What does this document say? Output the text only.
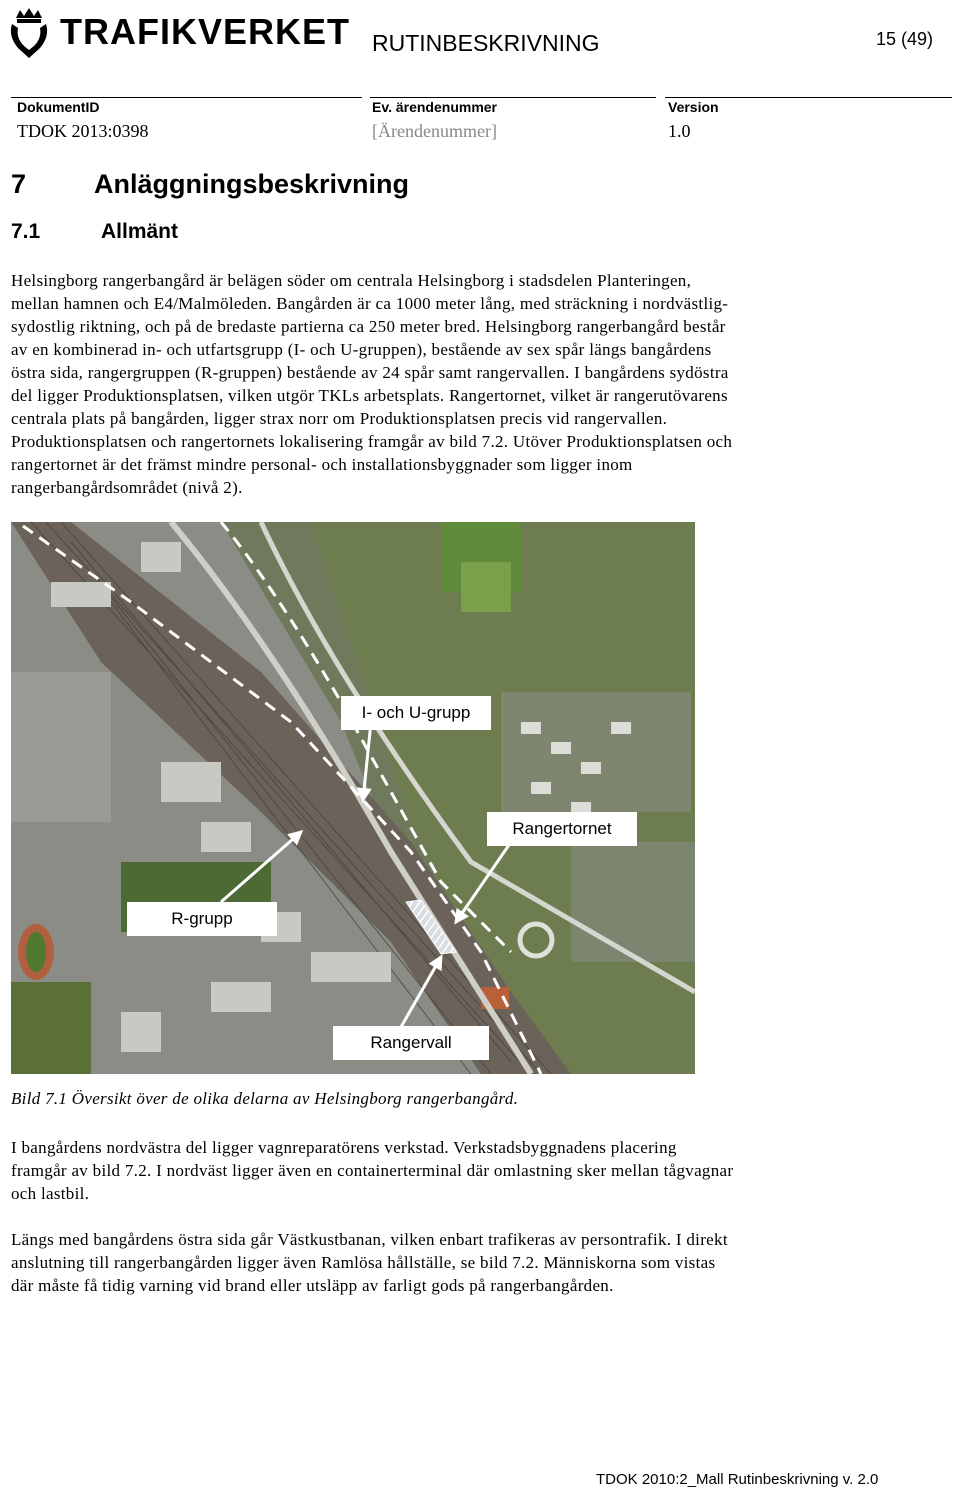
TRAFIKVERKET RUTINBESKRIVNING	15 (49)
DokumentID
TDOK 2013:0398
Ev. ärendenummer
[Ärendenummer]
Version
1.0
7	Anläggningsbeskrivning
7.1	Allmänt
Helsingborg rangerbangård är belägen söder om centrala Helsingborg i stadsdelen Planteringen,
mellan hamnen och E4/Malmöleden. Bangården är ca 1000 meter lång, med sträckning i nordvästlig-
sydostlig riktning, och på de bredaste partierna ca 250 meter bred. Helsingborg rangerbangård består
av en kombinerad in- och utfartsgrupp (I- och U-gruppen), bestående av sex spår längs bangårdens
östra sida, rangergruppen (R-gruppen) bestående av 24 spår samt rangervallen. I bangårdens sydöstra
del ligger Produktionsplatsen, vilken utgör TKLs arbetsplats. Rangertornet, vilket är rangerutövarens
centrala plats på bangården, ligger strax norr om Produktionsplatsen precis vid rangervallen.
Produktionsplatsen och rangertornets lokalisering framgår av bild 7.2. Utöver Produktionsplatsen och
rangertornet är det främst mindre personal- och installationsbyggnader som ligger inom
rangerbangårdsområdet (nivå 2).
I- och U-grupp
Rangertornet
R-grupp
Rangervall
Bild 7.1 Översikt över de olika delarna av Helsingborg rangerbangård.
I bangårdens nordvästra del ligger vagnreparatörens verkstad. Verkstadsbyggnadens placering
framgår av bild 7.2. I nordväst ligger även en containerterminal där omlastning sker mellan tågvagnar
och lastbil.
Längs med bangårdens östra sida går Västkustbanan, vilken enbart trafikeras av persontrafik. I direkt
anslutning till rangerbangården ligger även Ramlösa hållställe, se bild 7.2. Människorna som vistas
där måste få tidig varning vid brand eller utsläpp av farligt gods på rangerbangården.
TDOK 2010:2_Mall Rutinbeskrivning v. 2.0
